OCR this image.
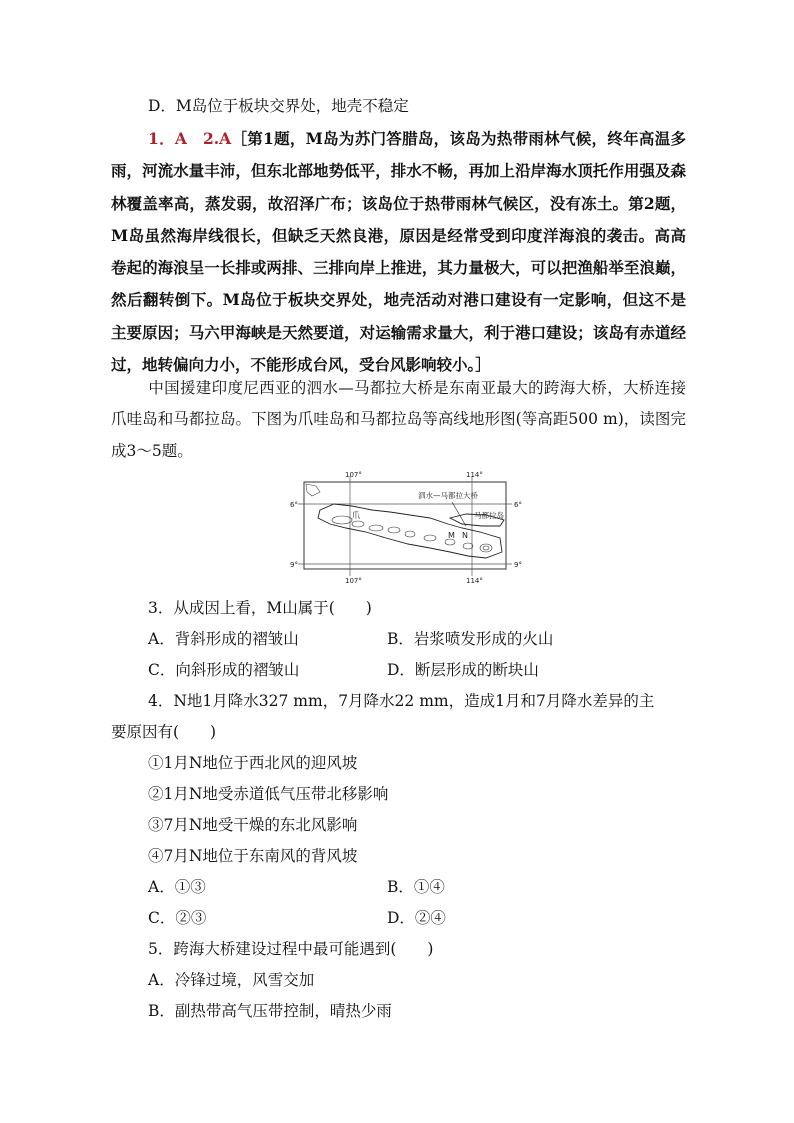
D．M岛位于板块交界处，地壳不稳定
1．A　2.A［第1题，M岛为苏门答腊岛，该岛为热带雨林气候，终年高温多雨，河流水量丰沛，但东北部地势低平，排水不畅，再加上沿岸海水顶托作用强及森林覆盖率高，蒸发弱，故沼泽广布；该岛位于热带雨林气候区，没有冻土。第2题，M岛虽然海岸线很长，但缺乏天然良港，原因是经常受到印度洋海浪的袭击。高高卷起的海浪呈一长排或两排、三排向岸上推进，其力量极大，可以把渔船举至浪巅，然后翻转倒下。M岛位于板块交界处，地壳活动对港口建设有一定影响，但这不是主要原因；马六甲海峡是天然要道，对运输需求量大，利于港口建设；该岛有赤道经过，地转偏向力小，不能形成台风，受台风影响较小。］
中国援建印度尼西亚的泗水—马都拉大桥是东南亚最大的跨海大桥，大桥连接爪哇岛和马都拉岛。下图为爪哇岛和马都拉岛等高线地形图(等高距500 m)，读图完成3～5题。
107°	114°
107°	114°
6°
9°
6°
9°
泗水—马都拉大桥
马都拉岛
爪
M N
3．从成因上看，M山属于(　　)
A．背斜形成的褶皱山	B．岩浆喷发形成的火山
C．向斜形成的褶皱山	D．断层形成的断块山
4．N地1月降水327 mm，7月降水22 mm，造成1月和7月降水差异的主
要原因有(　　)
①1月N地位于西北风的迎风坡
②1月N地受赤道低气压带北移影响
③7月N地受干燥的东北风影响
④7月N地位于东南风的背风坡
A．①③	B．①④
C．②③	D．②④
5．跨海大桥建设过程中最可能遇到(　　)
A．冷锋过境，风雪交加
B．副热带高气压带控制，晴热少雨
